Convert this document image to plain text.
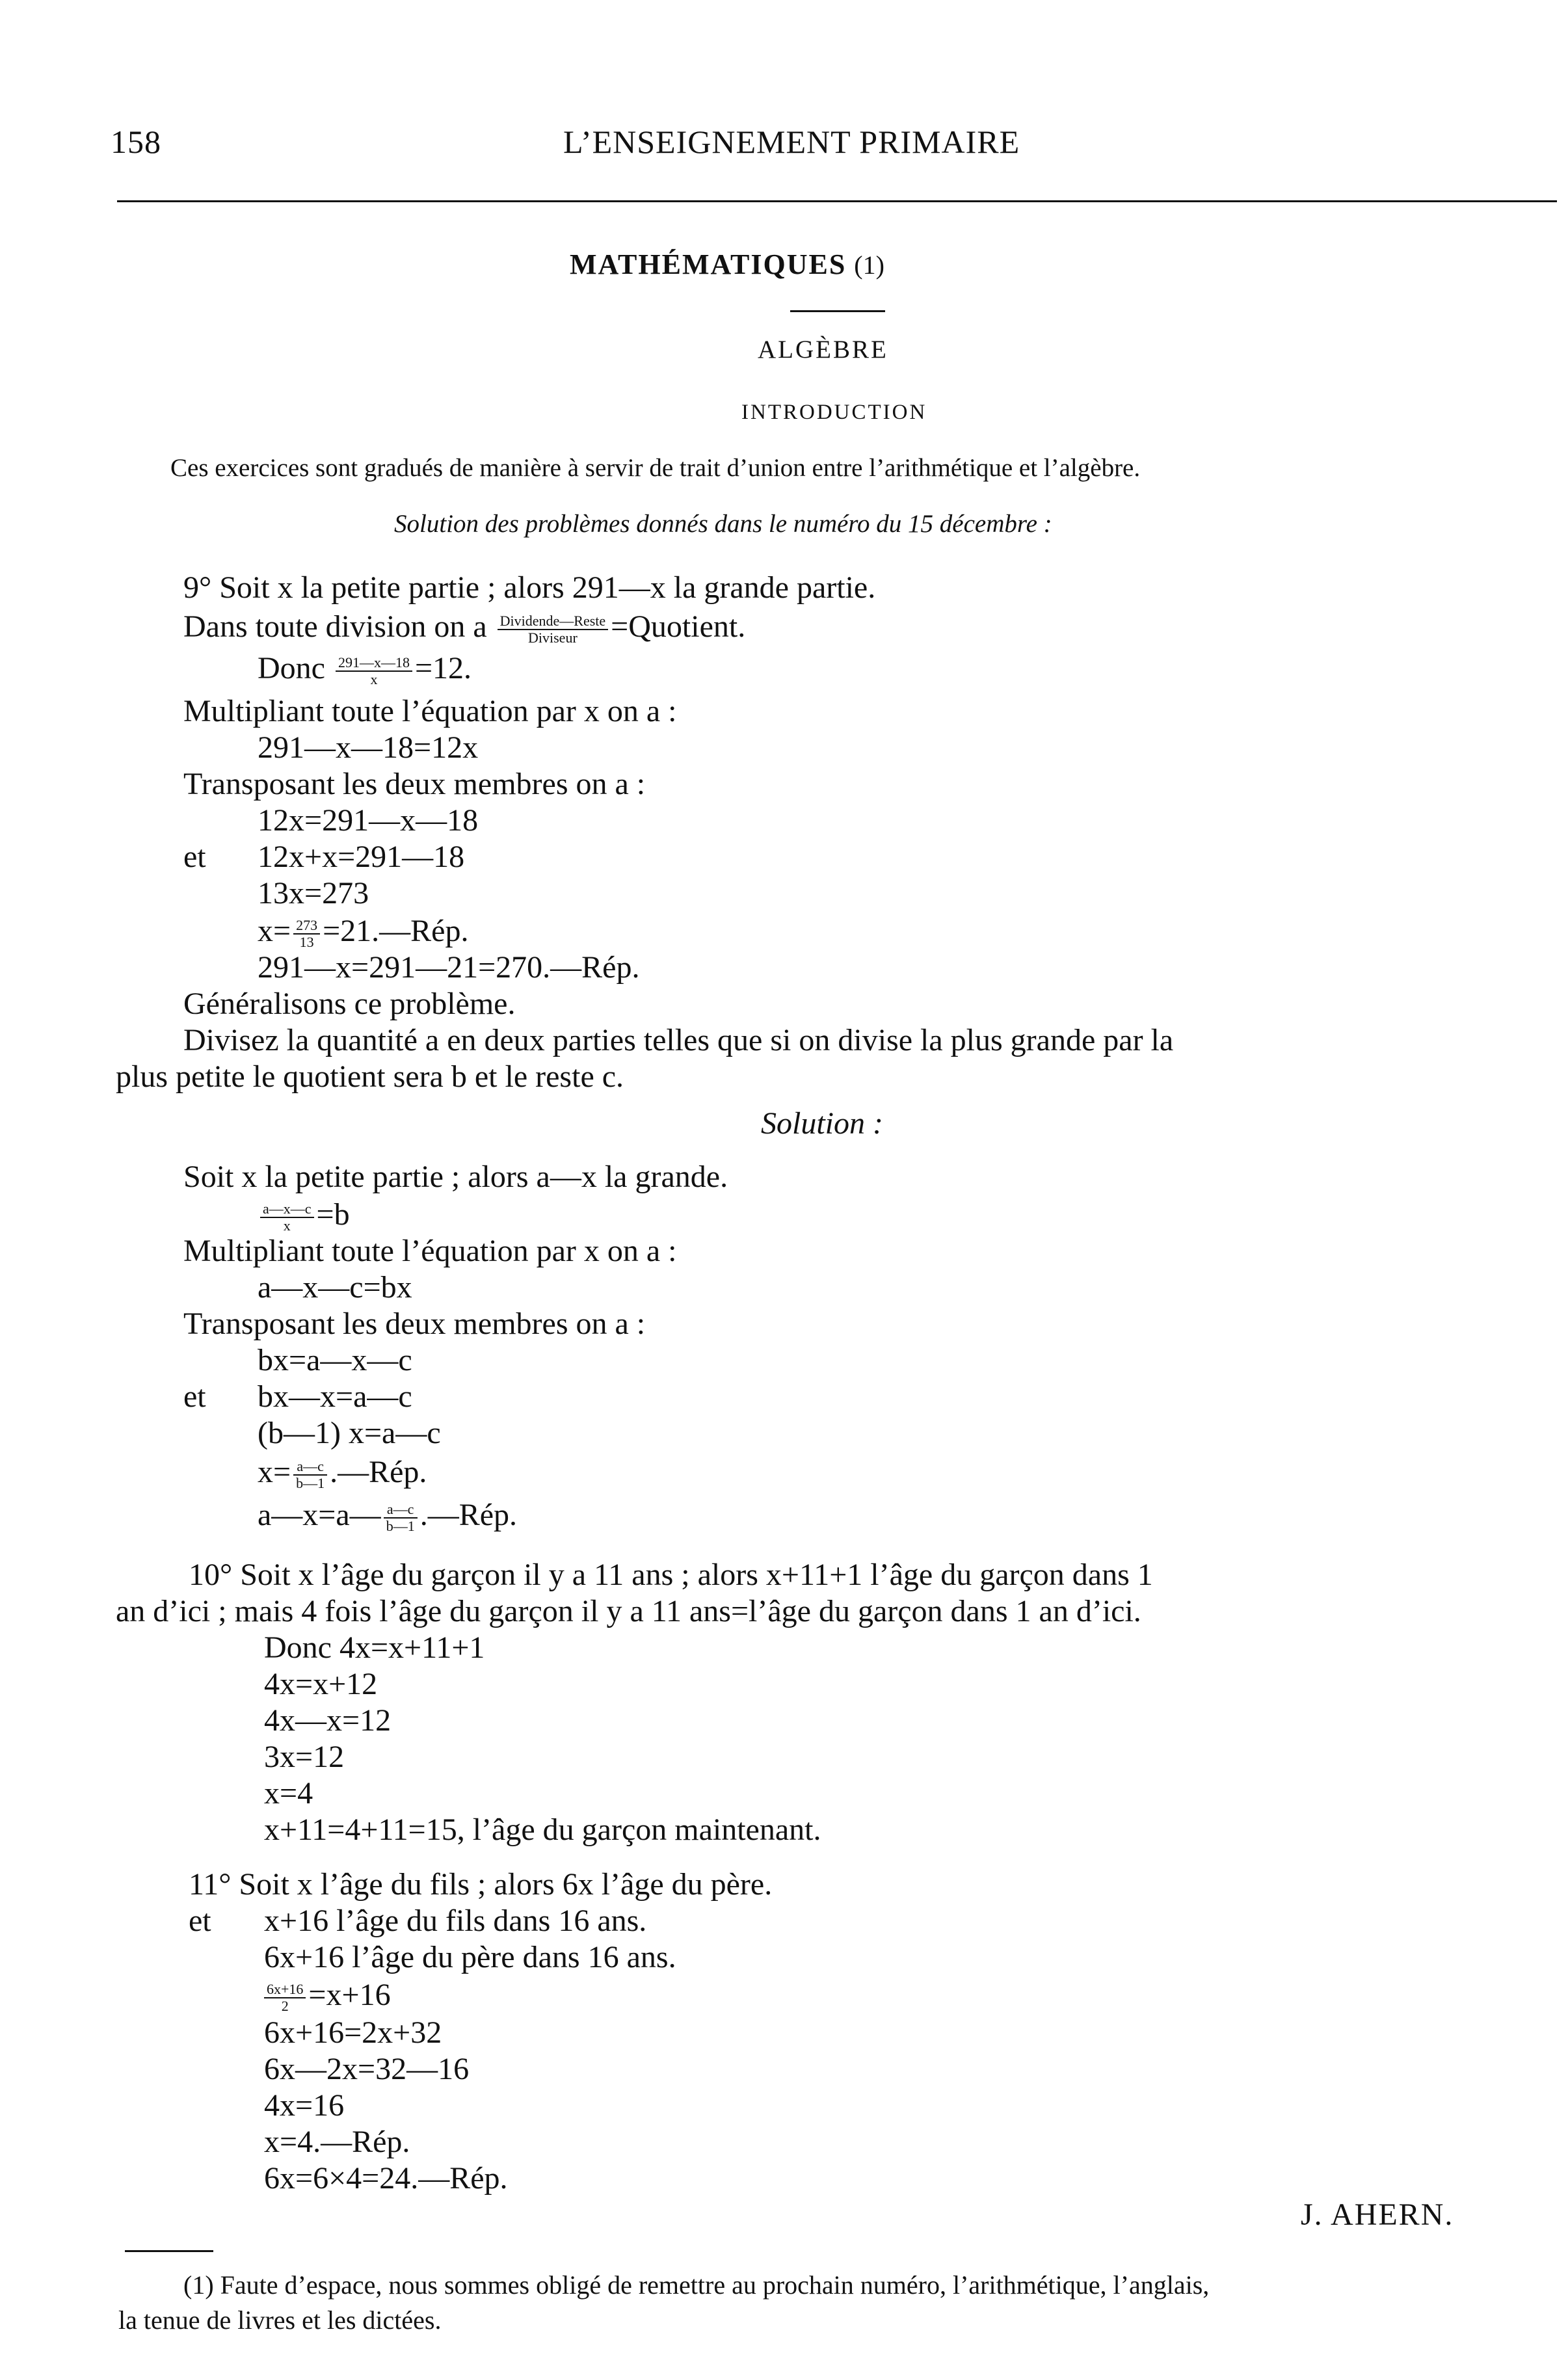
158	L’ENSEIGNEMENT PRIMAIRE
MATHÉMATIQUES (1)
ALGÈBRE
INTRODUCTION
Ces exercices sont gradués de manière à servir de trait d’union entre l’arithmétique et l’algèbre.
Solution des problèmes donnés dans le numéro du 15 décembre :
9° Soit x la petite partie ; alors 291—x la grande partie.
Dans toute division on a $\frac{\text{Dividende—Reste}}{\text{Diviseur}}$ =Quotient.
Donc $\frac{291—x—18}{x} =12$.
Multipliant toute l’équation par x on a :
291—x—18=12x
Transposant les deux membres on a :
12x=291—x—18
et 12x+x=291—18
13x=273
$x= \frac{273}{13}$ =21.—Rép.
291—x=291—21=270.—Rép.
Généralisons ce problème.
Divisez la quantité a en deux parties telles que si on divise la plus grande par la
plus petite le quotient sera b et le reste c.
Solution :
Soit x la petite partie ; alors a—x la grande.
$\frac{a—x—c}{x} =b$
Multipliant toute l’équation par x on a :
a—x—c=bx
Transposant les deux membres on a :
bx=a—x—c
et bx—x=a—c
(b—1) x=a—c
$x= \frac{a—c}{b—1}$ .—Rép.
a—x=a— $\frac{a—c}{b—1}$ .—Rép.
10° Soit x l’âge du garçon il y a 11 ans ; alors x+11+1 l’âge du garçon dans 1
an d’ici ; mais 4 fois l’âge du garçon il y a 11 ans=l’âge du garçon dans 1 an d’ici.
Donc 4x=x+11+1
4x=x+12
4x—x=12
3x=12
x=4
x+11=4+11=15, l’âge du garçon maintenant.
11° Soit x l’âge du fils ; alors 6x l’âge du père.
et x+16 l’âge du fils dans 16 ans.
6x+16 l’âge du père dans 16 ans.
$\frac{6x+16}{2} =x+16$
6x+16=2x+32
6x—2x=32—16
4x=16
x=4.—Rép.
6x=6×4=24.—Rép.
J. AHERN.
(1) Faute d’espace, nous sommes obligé de remettre au prochain numéro, l’arithmétique, l’anglais,
la tenue de livres et les dictées.
